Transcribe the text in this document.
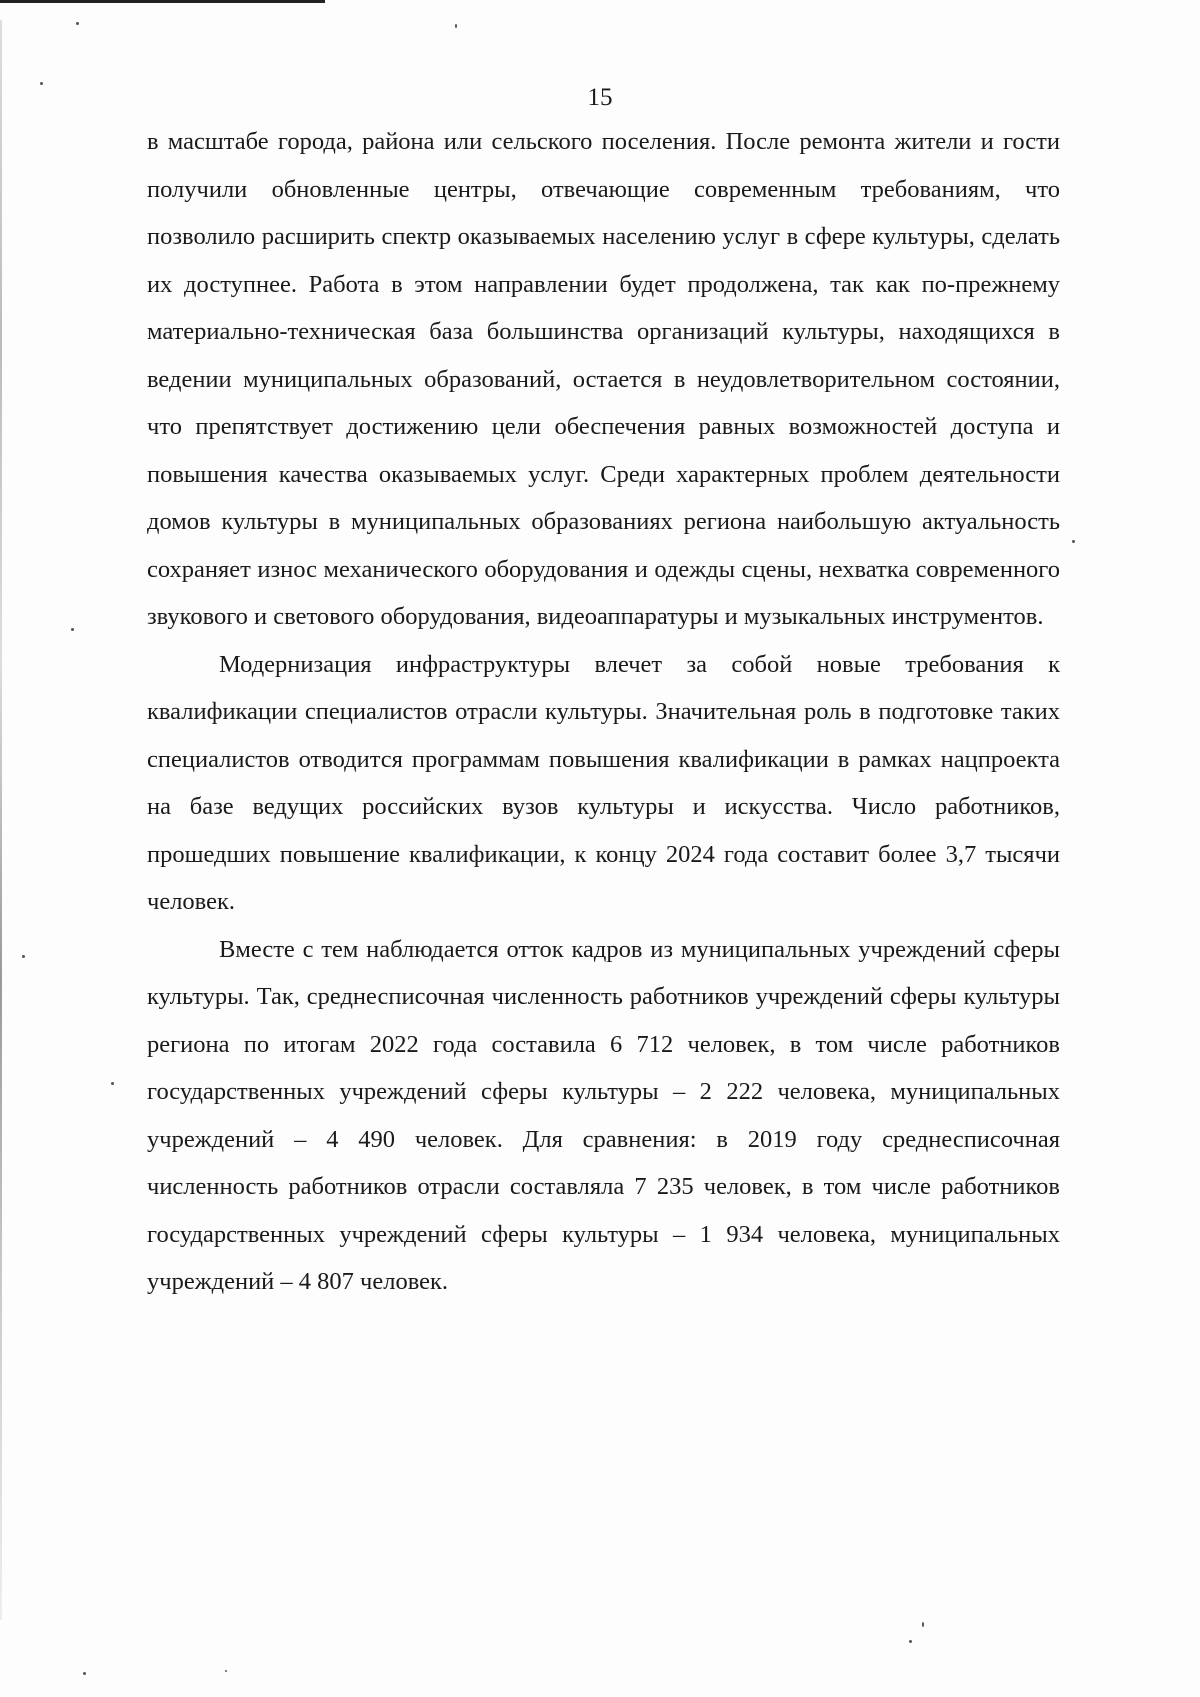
15

в масштабе города, района или сельского поселения. После ремонта жители и гости получили обновленные центры, отвечающие современным требованиям, что позволило расширить спектр оказываемых населению услуг в сфере культуры, сделать их доступнее. Работа в этом направлении будет продолжена, так как по-прежнему материально-техническая база большинства организаций культуры, находящихся в ведении муниципальных образований, остается в неудовлетворительном состоянии, что препятствует достижению цели обеспечения равных возможностей доступа и повышения качества оказываемых услуг. Среди характерных проблем деятельности домов культуры в муниципальных образованиях региона наибольшую актуальность сохраняет износ механического оборудования и одежды сцены, нехватка современного звукового и светового оборудования, видеоаппаратуры и музыкальных инструментов.

Модернизация инфраструктуры влечет за собой новые требования к квалификации специалистов отрасли культуры. Значительная роль в подготовке таких специалистов отводится программам повышения квалификации в рамках нацпроекта на базе ведущих российских вузов культуры и искусства. Число работников, прошедших повышение квалификации, к концу 2024 года составит более 3,7 тысячи человек.

Вместе с тем наблюдается отток кадров из муниципальных учреждений сферы культуры. Так, среднесписочная численность работников учреждений сферы культуры региона по итогам 2022 года составила 6 712 человек, в том числе работников государственных учреждений сферы культуры – 2 222 человека, муниципальных учреждений – 4 490 человек. Для сравнения: в 2019 году среднесписочная численность работников отрасли составляла 7 235 человек, в том числе работников государственных учреждений сферы культуры – 1 934 человека, муниципальных учреждений – 4 807 человек.
